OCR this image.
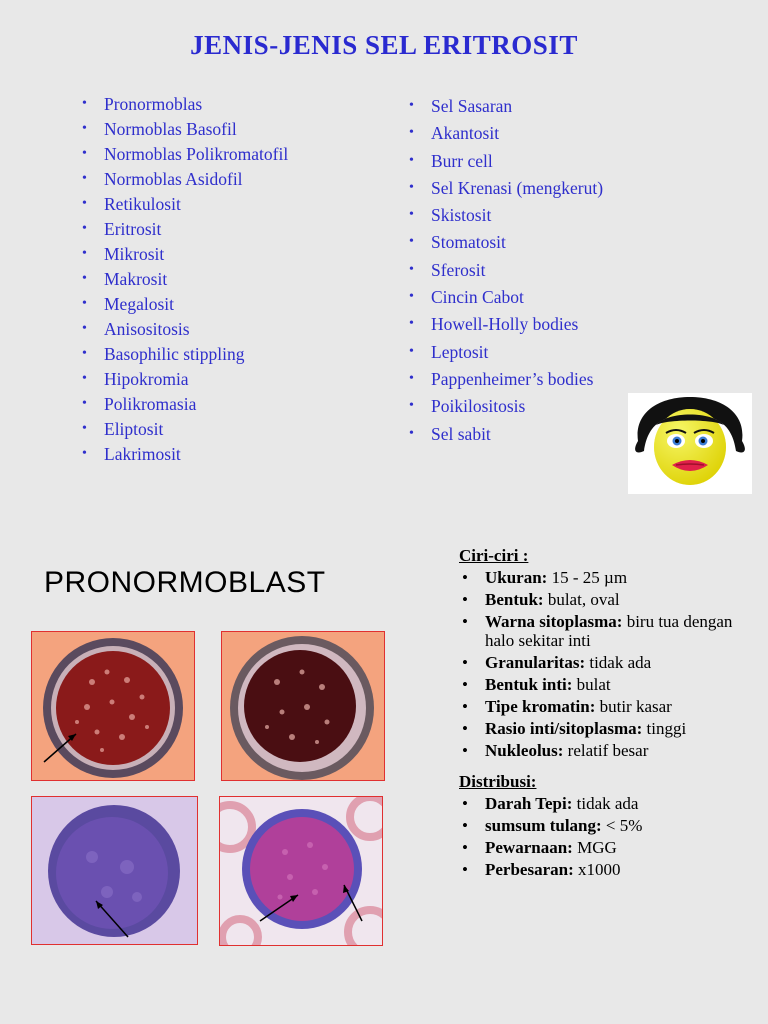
JENIS-JENIS SEL ERITROSIT
• Pronormoblas
• Normoblas Basofil
• Normoblas Polikromatofil
• Normoblas Asidofil
• Retikulosit
• Eritrosit
• Mikrosit
• Makrosit
• Megalosit
• Anisositosis
• Basophilic stippling
• Hipokromia
• Polikromasia
• Eliptosit
• Lakrimosit
• Sel Sasaran
• Akantosit
• Burr cell
• Sel Krenasi (mengkerut)
• Skistosit
• Stomatosit
• Sferosit
• Cincin Cabot
• Howell-Holly bodies
• Leptosit
• Pappenheimer’s bodies
• Poikilositosis
• Sel sabit
PRONORMOBLAST
Ciri-ciri :
• Ukuran: 15 - 25 µm
• Bentuk: bulat, oval
• Warna sitoplasma: biru tua dengan halo sekitar inti
• Granularitas: tidak ada
• Bentuk inti: bulat
• Tipe kromatin: butir kasar
• Rasio inti/sitoplasma: tinggi
• Nukleolus: relatif besar
Distribusi:
• Darah Tepi: tidak ada
• sumsum tulang: < 5%
• Pewarnaan: MGG
• Perbesaran: x1000
